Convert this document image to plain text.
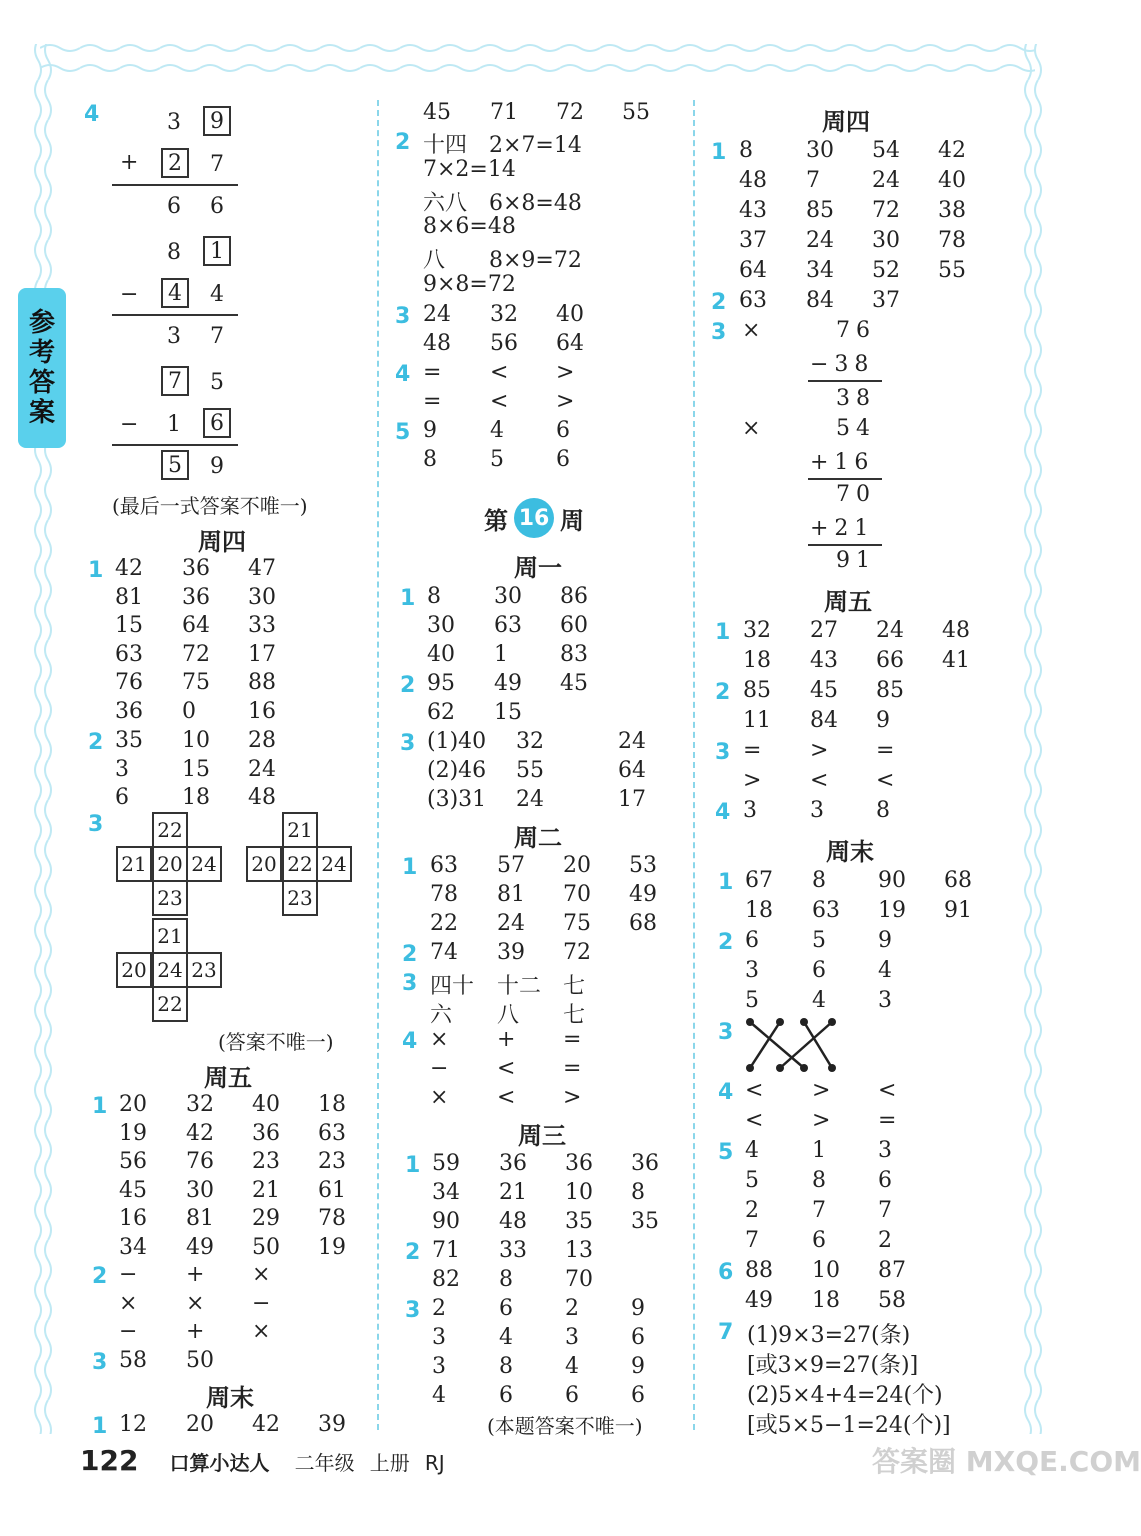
参
考
答
案
4	3	9
+	2	7
6 6
8	1
−	4	4
3 7
7	5
− 1	6
5	9
(最后一式答案不唯一)
周四
1 42 36 47
81 36 30
15 64 33
63 72 17
76 75 88
36 0 16
2 35 10 28
3 15 24
6 18 48
3	22
21 20 24
23
21
20 22 24
23
21
20 24 23
22
(答案不唯一)
周五
1 20 32 40 18
19 42 36 63
56 76 23 23
45 30 21 61
16 81 29 78
34 49 50 19
2 − + ×
× × −
− + ×
3 58 50
周末
1 12 20 42 39
45 71 72 55
2 十四　2×7=14
7×2=14
六八　6×8=48
8×6=48
八　　8×9=72
9×8=72
3 24 32 40
48 56 64
4 = < >
= < >
5 9 4 6
8 5 6
第 16 周
周一
1 8 30 86
30 63 60
40 1 83
2 95 49 45
62 15
3 (1)40 32	24
(2)46 55	64
(3)31 24	17
周二
1 63 57 20 53
78 81 70 49
22 24 75 68
2 74 39 72
3 四十 十二 七
六 八 七
4 × + =
− < =
× < >
周三
1 59 36 36 36
34 21 10 8
90 48 35 35
2 71 33 13
82 8 70
3 2 6 2 9
3 4 3 6
3 8 4 9
4 6 6 6
(本题答案不唯一)
周四
1 8 30 54 42
48 7 24 40
43 85 72 38
37 24 30 78
64 34 52 55
2 63 84 37
3 ×	76
−38
38
×	54
+16
70
+21
91
周五
1 32 27 24 48
18 43 66 41
2 85 45 85
11 84 9
3 = > =
> < <
4 3 3 8
周末
1 67 8 90 68
18 63 19 91
2 6 5 9
3 6 4
5 4 3
3
4 < > <
< > =
5 4 1 3
5 8 6
2 7 7
7 6 2
6 88 10 87
49 18 58
7 (1)9×3=27(条)
[或3×9=27(条)]
(2)5×4+4=24(个)
[或5×5−1=24(个)]
122 口算小达人 二年级 上册 RJ	答案圈 MXQE.COM
